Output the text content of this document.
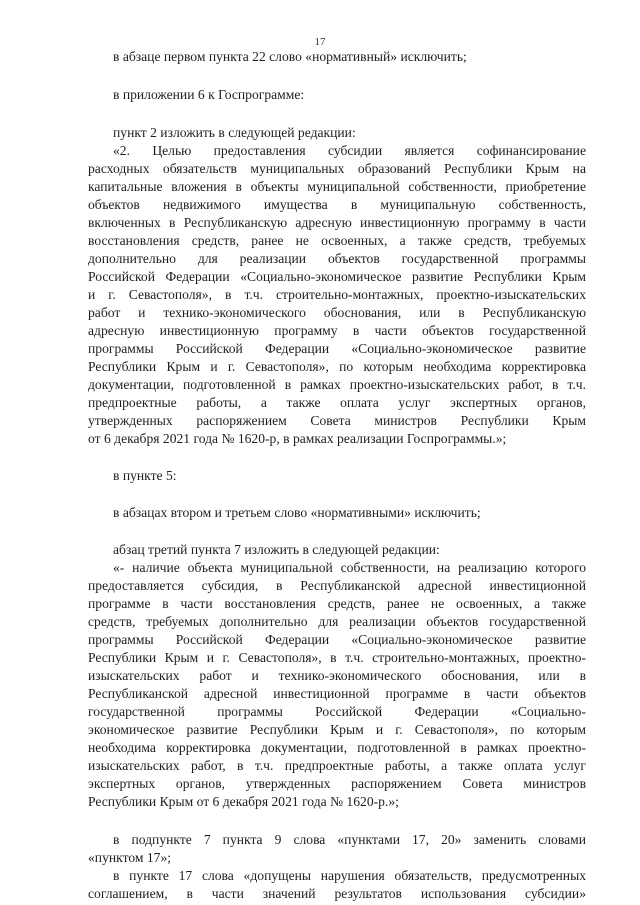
17
в абзаце первом пункта 22 слово «нормативный» исключить;
в приложении 6 к Госпрограмме:
пункт 2 изложить в следующей редакции:
«2. Целью предоставления субсидии является софинансирование
расходных обязательств муниципальных образований Республики Крым на
капитальные вложения в объекты муниципальной собственности, приобретение
объектов недвижимого имущества в муниципальную собственность,
включенных в Республиканскую адресную инвестиционную программу в части
восстановления средств, ранее не освоенных, а также средств, требуемых
дополнительно для реализации объектов государственной программы
Российской Федерации «Социально-экономическое развитие Республики Крым
и г. Севастополя», в т.ч. строительно-монтажных, проектно-изыскательских
работ и технико-экономического обоснования, или в Республиканскую
адресную инвестиционную программу в части объектов государственной
программы Российской Федерации «Социально-экономическое развитие
Республики Крым и г. Севастополя», по которым необходима корректировка
документации, подготовленной в рамках проектно-изыскательских работ, в т.ч.
предпроектные работы, а также оплата услуг экспертных органов,
утвержденных распоряжением Совета министров Республики Крым
от 6 декабря 2021 года № 1620-р, в рамках реализации Госпрограммы.»;
в пункте 5:
в абзацах втором и третьем слово «нормативными» исключить;
абзац третий пункта 7 изложить в следующей редакции:
«- наличие объекта муниципальной собственности, на реализацию которого
предоставляется субсидия, в Республиканской адресной инвестиционной
программе в части восстановления средств, ранее не освоенных, а также
средств, требуемых дополнительно для реализации объектов государственной
программы Российской Федерации «Социально-экономическое развитие
Республики Крым и г. Севастополя», в т.ч. строительно-монтажных, проектно-
изыскательских работ и технико-экономического обоснования, или в
Республиканской адресной инвестиционной программе в части объектов
государственной программы Российской Федерации «Социально-
экономическое развитие Республики Крым и г. Севастополя», по которым
необходима корректировка документации, подготовленной в рамках проектно-
изыскательских работ, в т.ч. предпроектные работы, а также оплата услуг
экспертных органов, утвержденных распоряжением Совета министров
Республики Крым от 6 декабря 2021 года № 1620-р.»;
в подпункте 7 пункта 9 слова «пунктами 17, 20» заменить словами
«пунктом 17»;
в пункте 17 слова «допущены нарушения обязательств, предусмотренных
соглашением, в части значений результатов использования субсидии»
